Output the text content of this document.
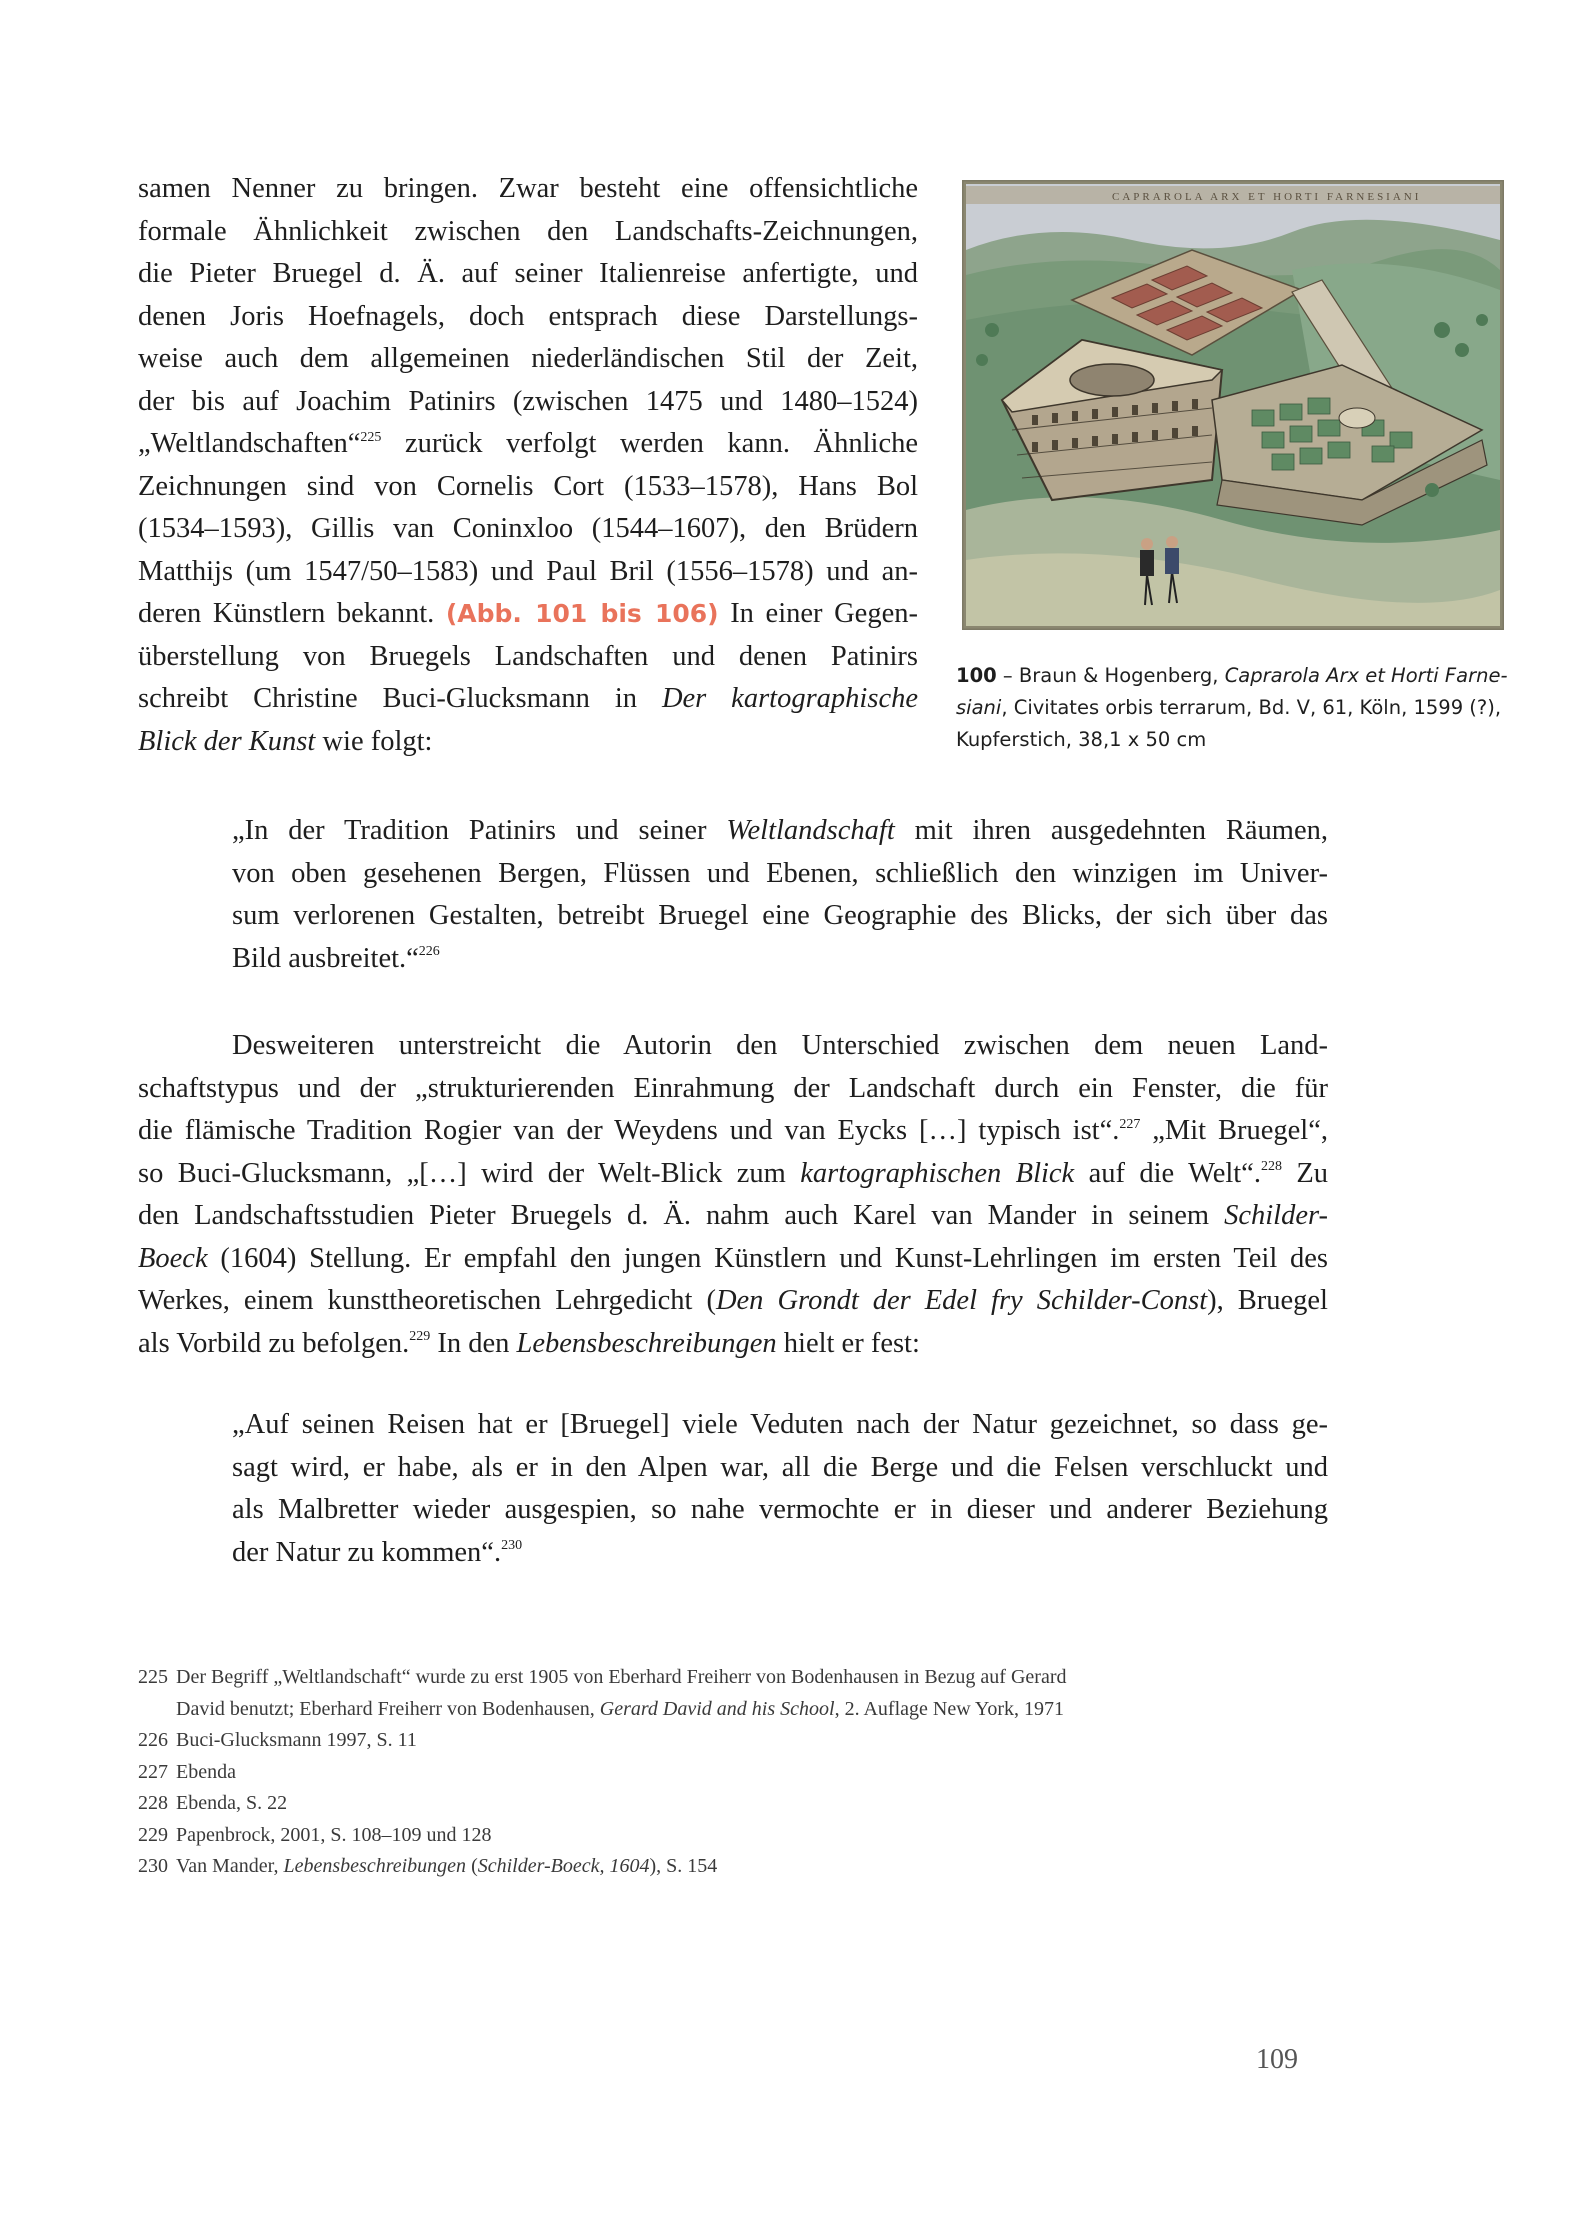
samen Nenner zu bringen. Zwar besteht eine offensichtliche
formale Ähnlichkeit zwischen den Landschafts-Zeichnungen,
die Pieter Bruegel d. Ä. auf seiner Italienreise anfertigte, und
denen Joris Hoefnagels, doch entsprach diese Darstellungs-
weise auch dem allgemeinen niederländischen Stil der Zeit,
der bis auf Joachim Patinirs (zwischen 1475 und 1480–1524)
„Weltlandschaften“$^{225}$ zurück verfolgt werden kann. Ähnliche
Zeichnungen sind von Cornelis Cort (1533–1578), Hans Bol
(1534–1593), Gillis van Coninxloo (1544–1607), den Brüdern
Matthijs (um 1547/50–1583) und Paul Bril (1556–1578) und an-
deren Künstlern bekannt. (Abb. 101 bis 106) In einer Gegen-
überstellung von Bruegels Landschaften und denen Patinirs
schreibt Christine Buci-Glucksmann in Der kartographische
Blick der Kunst wie folgt:
CAPRAROLA ARX ET HORTI FARNESIANI
100 – Braun & Hogenberg, Caprarola Arx et Horti Farne-
siani, Civitates orbis terrarum, Bd. V, 61, Köln, 1599 (?),
Kupferstich, 38,1 x 50 cm
„In der Tradition Patinirs und seiner Weltlandschaft mit ihren ausgedehnten Räumen,
von oben gesehenen Bergen, Flüssen und Ebenen, schließlich den winzigen im Univer-
sum verlorenen Gestalten, betreibt Bruegel eine Geographie des Blicks, der sich über das
Bild ausbreitet.“$^{226}$
Desweiteren unterstreicht die Autorin den Unterschied zwischen dem neuen Land-
schaftstypus und der „strukturierenden Einrahmung der Landschaft durch ein Fenster, die für
die flämische Tradition Rogier van der Weydens und van Eycks […] typisch ist“.$^{227}$ „Mit Bruegel“,
so Buci-Glucksmann, „[…] wird der Welt-Blick zum kartographischen Blick auf die Welt“.$^{228}$ Zu
den Landschaftsstudien Pieter Bruegels d. Ä. nahm auch Karel van Mander in seinem Schilder-
Boeck (1604) Stellung. Er empfahl den jungen Künstlern und Kunst-Lehrlingen im ersten Teil des
Werkes, einem kunsttheoretischen Lehrgedicht (Den Grondt der Edel fry Schilder-Const), Bruegel
als Vorbild zu befolgen.$^{229}$ In den Lebensbeschreibungen hielt er fest:
„Auf seinen Reisen hat er [Bruegel] viele Veduten nach der Natur gezeichnet, so dass ge-
sagt wird, er habe, als er in den Alpen war, all die Berge und die Felsen verschluckt und
als Malbretter wieder ausgespien, so nahe vermochte er in dieser und anderer Beziehung
der Natur zu kommen“.$^{230}$
225 Der Begriff „Weltlandschaft“ wurde zu erst 1905 von Eberhard Freiherr von Bodenhausen in Bezug auf Gerard
David benutzt; Eberhard Freiherr von Bodenhausen, Gerard David and his School, 2. Auflage New York, 1971
226 Buci-Glucksmann 1997, S. 11
227 Ebenda
228 Ebenda, S. 22
229 Papenbrock, 2001, S. 108–109 und 128
230 Van Mander, Lebensbeschreibungen (Schilder-Boeck, 1604), S. 154
109
